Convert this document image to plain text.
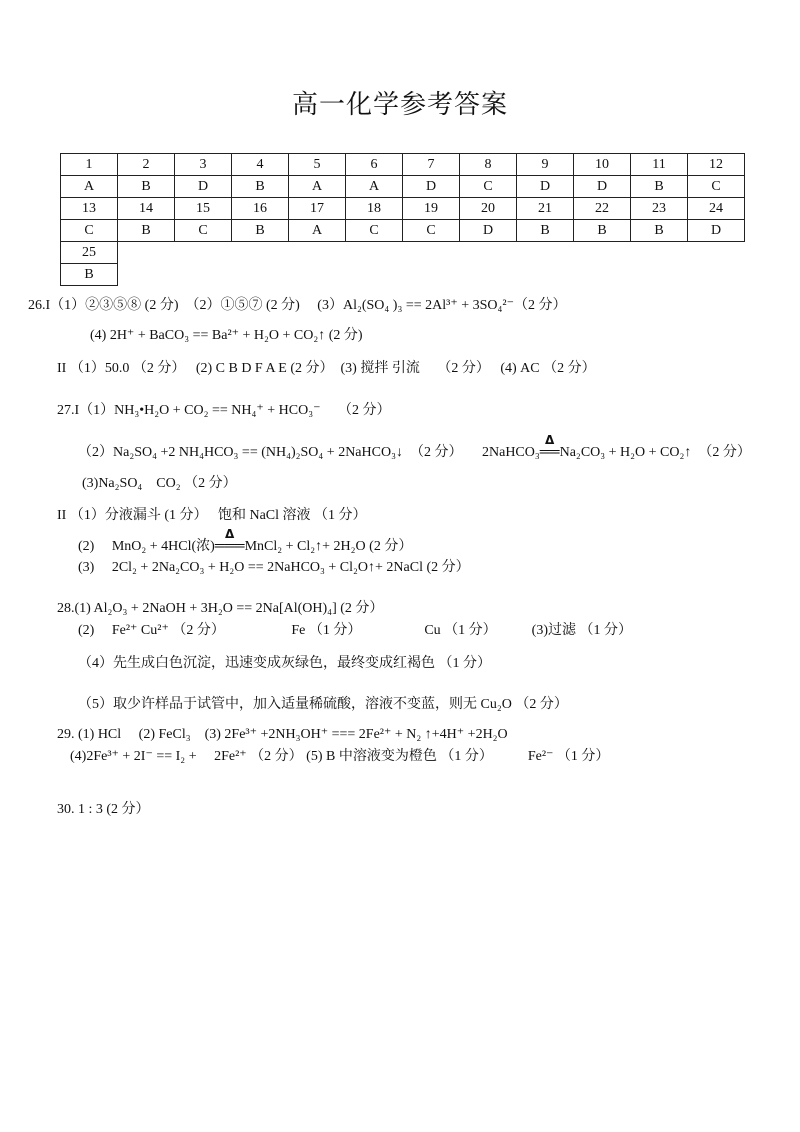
高一化学参考答案
1	2	3	4	5	6	7	8	9	10	11	12
A	B	D	B	A	A	D	C	D	D	B	C
13	14	15	16	17	18	19	20	21	22	23	24
C	B	C	B	A	C	C	D	B	B	B	D
25											
B											
26.I（1）②③⑤⑧ (2 分)　（2）①⑤⑦ (2 分)　 (3）Al₂(SO₄ )₃ == 2Al³⁺ + 3SO₄²⁻（2 分）
(4) 2H⁺ + BaCO₃ == Ba²⁺ + H₂O + CO₂↑ (2 分)
II （1）50.0 （2 分）　 (2) C B D F A E (2 分）　(3) 搅拌 引流　 （2 分）　 (4) AC （2 分）
27.I（1）NH₃•H₂O + CO₂ == NH₄⁺ + HCO₃⁻　 （2 分）
（2）Na₂SO₄ +2 NH₄HCO₃ == (NH₄)₂SO₄ + 2NaHCO₃↓　（2 分） 2NaHCO₃
Δ
══Na₂CO₃ + H₂O + CO₂↑　（2 分）
(3)Na₂SO₄　CO₂ （2 分）
II （1）分液漏斗 (1 分）　 饱和 NaCl 溶液 （1 分）
(2)　 MnO₂ + 4HCl(浓)
Δ
═══MnCl₂ + Cl₂↑+ 2H₂O (2 分）
(3)　 2Cl₂ + 2Na₂CO₃ + H₂O == 2NaHCO₃ + Cl₂O↑+ 2NaCl (2 分）
28.(1) Al₂O₃ + 2NaOH + 3H₂O == 2Na[Al(OH)₄] (2 分）
(2)　 Fe²⁺ Cu²⁺ （2 分）　　　　　 Fe （1 分）　　　　　Cu （1 分）　　　(3)过滤 （1 分）
（4）先生成白色沉淀，迅速变成灰绿色，最终变成红褐色 （1 分）
（5）取少许样品于试管中，加入适量稀硫酸，溶液不变蓝，则无 Cu₂O （2 分）
29. (1) HCl　 (2) FeCl₃　(3) 2Fe³⁺ +2NH₃OH⁺ === 2Fe²⁺ + N₂ ↑+4H⁺ +2H₂O
(4)2Fe³⁺ + 2I⁻ == I₂ +　 2Fe²⁺ （2 分） (5) B 中溶液变为橙色 （1 分）　　　Fe²⁻ （1 分）
30. 1 : 3 (2 分）
